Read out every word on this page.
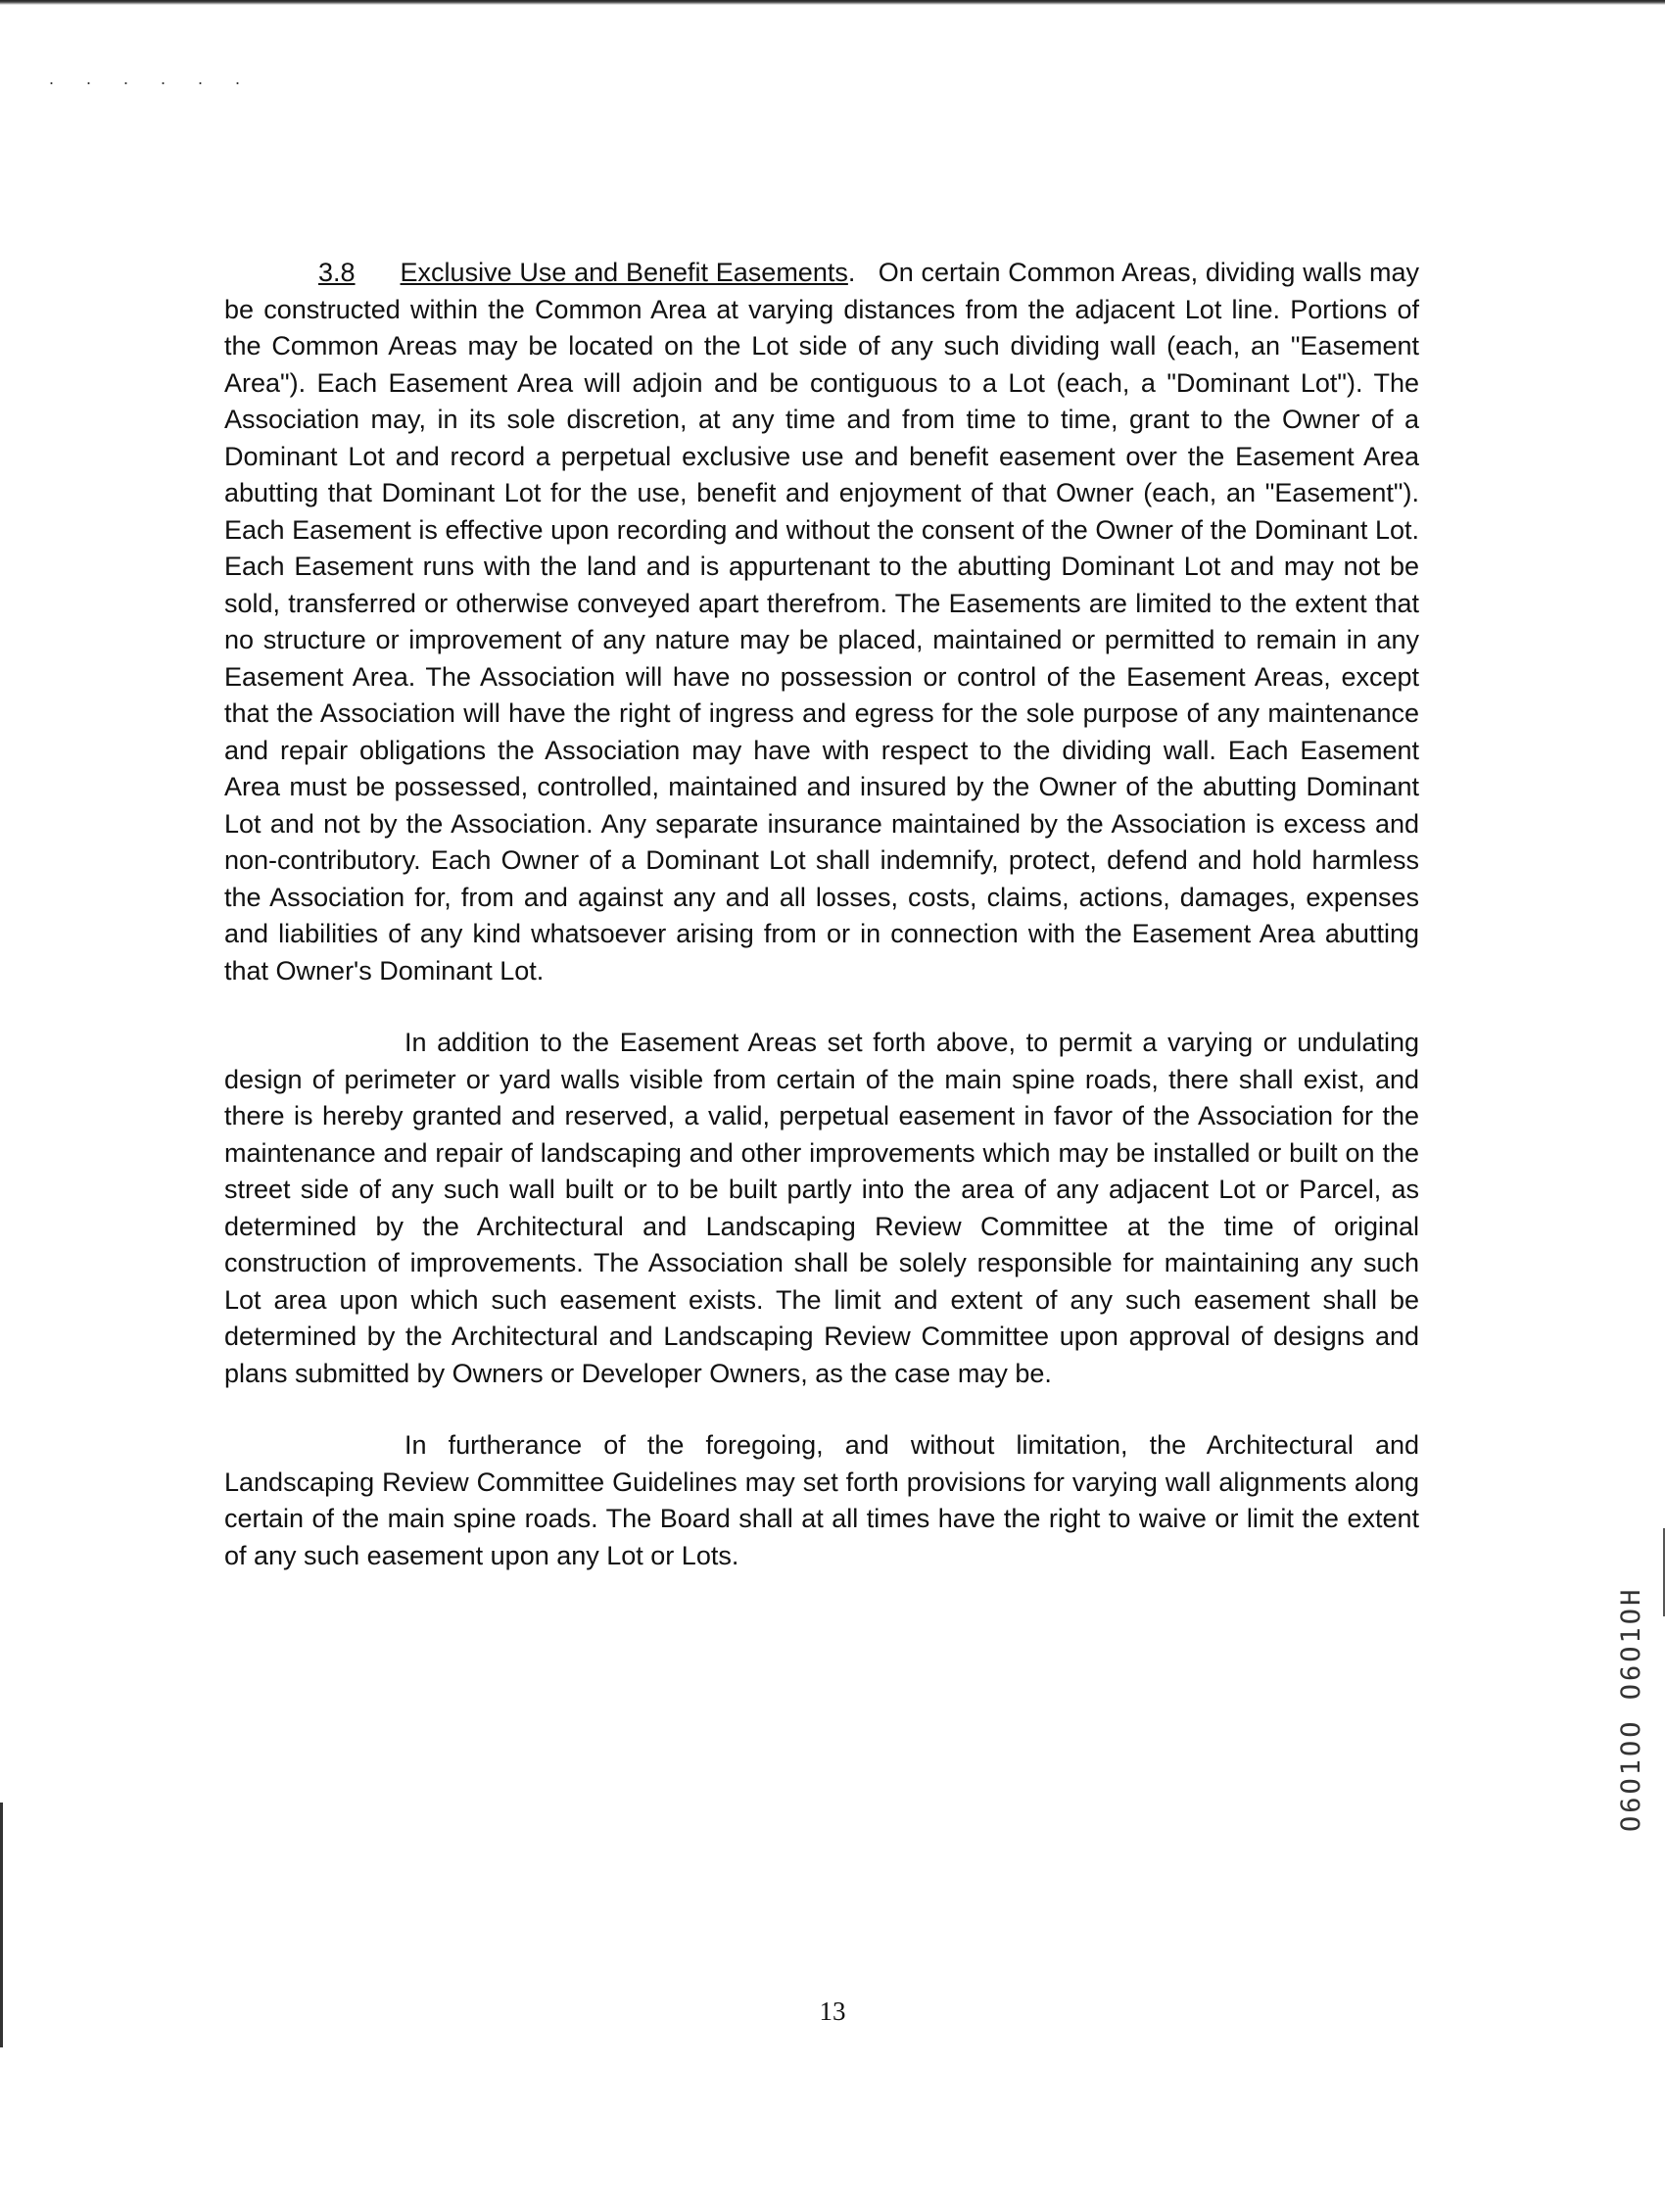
. . . . . .

3.8 Exclusive Use and Benefit Easements. On certain Common Areas, dividing walls may be constructed within the Common Area at varying distances from the adjacent Lot line. Portions of the Common Areas may be located on the Lot side of any such dividing wall (each, an "Easement Area"). Each Easement Area will adjoin and be contiguous to a Lot (each, a "Dominant Lot"). The Association may, in its sole discretion, at any time and from time to time, grant to the Owner of a Dominant Lot and record a perpetual exclusive use and benefit easement over the Easement Area abutting that Dominant Lot for the use, benefit and enjoyment of that Owner (each, an "Easement"). Each Easement is effective upon recording and without the consent of the Owner of the Dominant Lot. Each Easement runs with the land and is appurtenant to the abutting Dominant Lot and may not be sold, transferred or otherwise conveyed apart therefrom. The Easements are limited to the extent that no structure or improvement of any nature may be placed, maintained or permitted to remain in any Easement Area. The Association will have no possession or control of the Easement Areas, except that the Association will have the right of ingress and egress for the sole purpose of any maintenance and repair obligations the Association may have with respect to the dividing wall. Each Easement Area must be possessed, controlled, maintained and insured by the Owner of the abutting Dominant Lot and not by the Association. Any separate insurance maintained by the Association is excess and non-contributory. Each Owner of a Dominant Lot shall indemnify, protect, defend and hold harmless the Association for, from and against any and all losses, costs, claims, actions, damages, expenses and liabilities of any kind whatsoever arising from or in connection with the Easement Area abutting that Owner's Dominant Lot.

In addition to the Easement Areas set forth above, to permit a varying or undulating design of perimeter or yard walls visible from certain of the main spine roads, there shall exist, and there is hereby granted and reserved, a valid, perpetual easement in favor of the Association for the maintenance and repair of landscaping and other improvements which may be installed or built on the street side of any such wall built or to be built partly into the area of any adjacent Lot or Parcel, as determined by the Architectural and Landscaping Review Committee at the time of original construction of improvements. The Association shall be solely responsible for maintaining any such Lot area upon which such easement exists. The limit and extent of any such easement shall be determined by the Architectural and Landscaping Review Committee upon approval of designs and plans submitted by Owners or Developer Owners, as the case may be.

In furtherance of the foregoing, and without limitation, the Architectural and Landscaping Review Committee Guidelines may set forth provisions for varying wall alignments along certain of the main spine roads. The Board shall at all times have the right to waive or limit the extent of any such easement upon any Lot or Lots.

13
O6O1OO O6O1OH
